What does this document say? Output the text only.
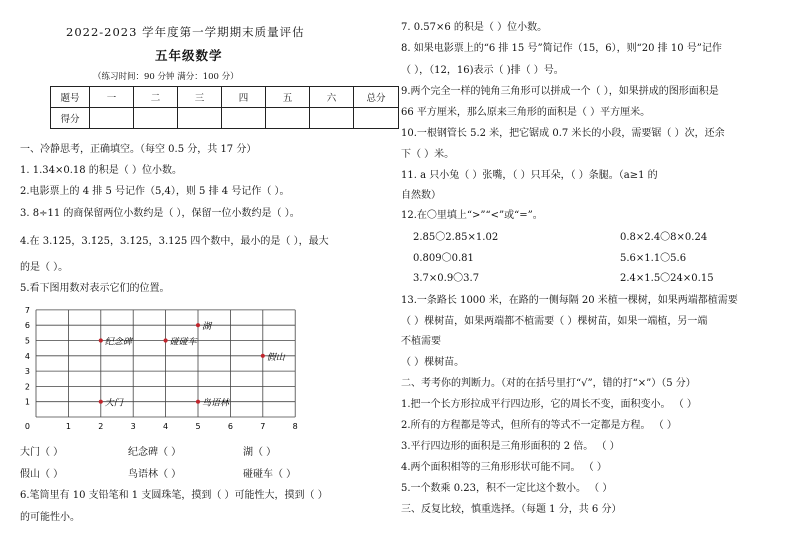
2022-2023 学年度第一学期期末质量评估
五年级数学
（练习时间：90 分钟 满分：100 分）
题号	一	二	三	四	五	六	总分
得分							
一、冷静思考，正确填空。（每空 0.5 分，共 17 分）
1. 1.34×0.18 的积是（ ）位小数。
2.电影票上的 4 排 5 号记作（5,4），则 5 排 4 号记作（ ）。
3. 8÷11 的商保留两位小数约是（ ），保留一位小数约是（ ）。
4.在 3.12̇5，3.1̇25̇，3.1̇25，3.125 四个数中，最小的是（ ），最大
的是（ ）。
5.看下图用数对表示它们的位置。
1	2	3	4	5	6	7	8
1
2
3
4
5
6
7
0
纪念碑	碰碰车
湖
假山
大门	鸟语林
大门（ ）	纪念碑（ ）	湖（ ）
假山（ ）	鸟语林（ ）	碰碰车（ ）
6.笔筒里有 10 支铅笔和 1 支圆珠笔，摸到（ ）可能性大，摸到（ ）
的可能性小。
7. 0.57×6 的积是（ ）位小数。
8. 如果电影票上的“6 排 15 号”简记作（15，6），则“20 排 10 号”记作
（ ），（12，16)表示（ )排（ ）号。
9.两个完全一样的钝角三角形可以拼成一个（ ），如果拼成的图形面积是
66 平方厘米，那么原来三角形的面积是（ ）平方厘米。
10.一根钢管长 5.2 米，把它锯成 0.7 米长的小段，需要锯（ ）次，还余
下（ ）米。
11. a 只小兔（ ）张嘴，（ ）只耳朵，（ ）条腿。（a≥1 的
自然数）
12.在〇里填上“>”“<”或“=”。
2.85〇2.85×1.02	0.8×2.4〇8×0.24
0.809〇0.81	5.6×1.1〇5.6
3.7×0.9〇3.7	2.4×1.5〇24×0.15
13.一条路长 1000 米，在路的一侧每隔 20 米植一棵树，如果两端都植需要
（ ）棵树苗，如果两端都不植需要（ ）棵树苗，如果一端植，另一端
不植需要
（ ）棵树苗。
二、考考你的判断力。（对的在括号里打“√”，错的打“×”）（5 分）
1.把一个长方形拉成平行四边形，它的周长不变，面积变小。 （ ）
2.所有的方程都是等式，但所有的等式不一定都是方程。 （ ）
3.平行四边形的面积是三角形面积的 2 倍。 （ ）
4.两个面积相等的三角形形状可能不同。 （ ）
5.一个数乘 0.23，积不一定比这个数小。 （ ）
三、反复比较，慎重选择。（每题 1 分，共 6 分）
